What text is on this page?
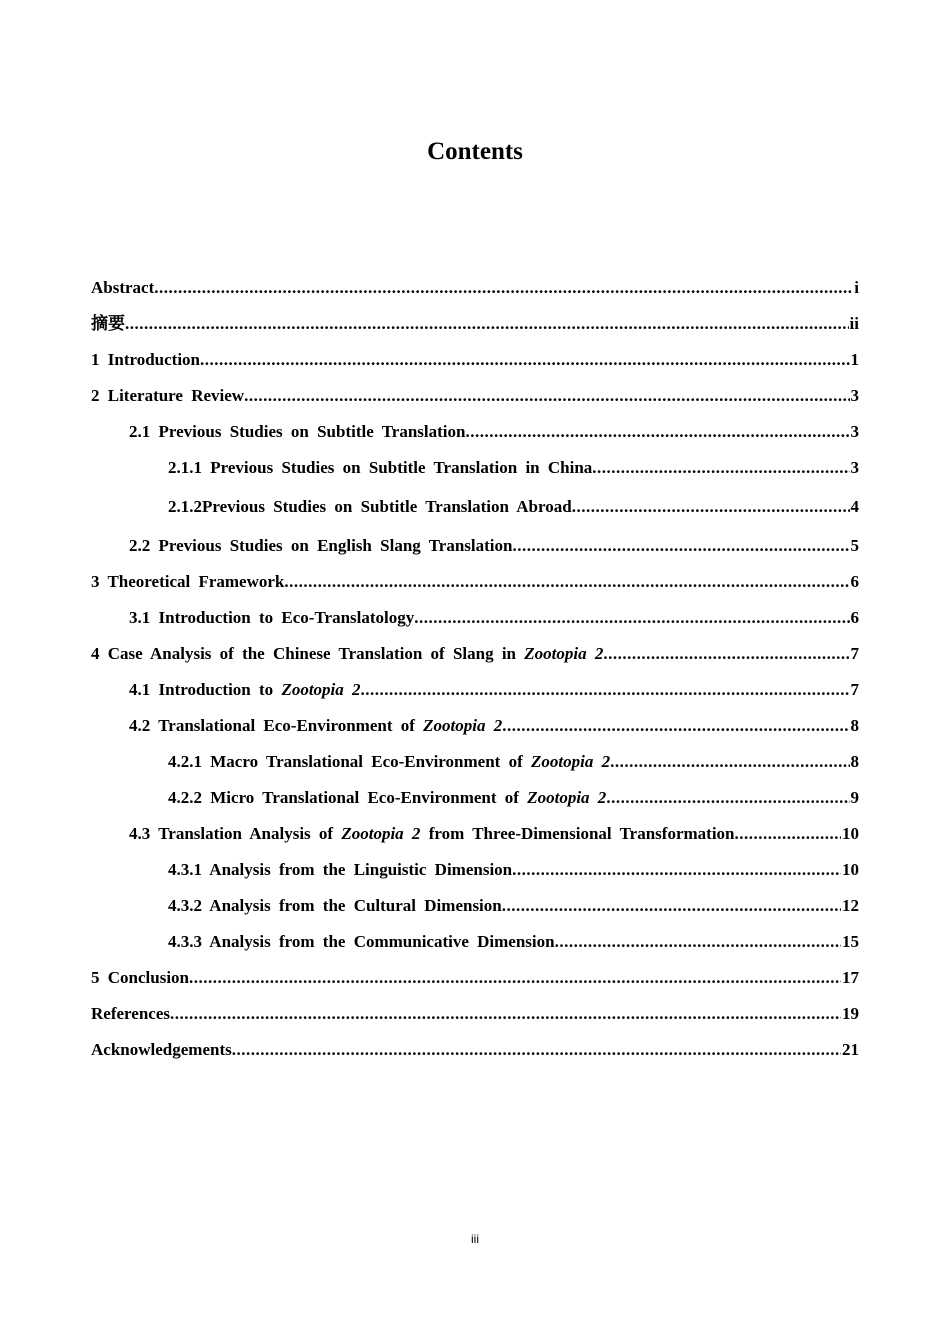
Contents
Abstract .....	i
摘要 .....	ii
1 Introduction .....	1
2 Literature Review .....	3
2.1 Previous Studies on Subtitle Translation .....	3
2.1.1 Previous Studies on Subtitle Translation in China .....	3
2.1.2Previous Studies on Subtitle Translation Abroad .....	4
2.2 Previous Studies on English Slang Translation .....	5
3 Theoretical Framework .....	6
3.1 Introduction to Eco-Translatology .....	6
4 Case Analysis of the Chinese Translation of Slang in Zootopia 2 .....	7
4.1 Introduction to Zootopia 2 .....	7
4.2 Translational Eco-Environment of Zootopia 2 .....	8
4.2.1 Macro Translational Eco-Environment of Zootopia 2 .....	8
4.2.2 Micro Translational Eco-Environment of Zootopia 2 .....	9
4.3 Translation Analysis of Zootopia 2 from Three-Dimensional Transformation .....	10
4.3.1 Analysis from the Linguistic Dimension .....	10
4.3.2 Analysis from the Cultural Dimension .....	12
4.3.3 Analysis from the Communicative Dimension .....	15
5 Conclusion .....	17
References .....	19
Acknowledgements .....	21
iii
